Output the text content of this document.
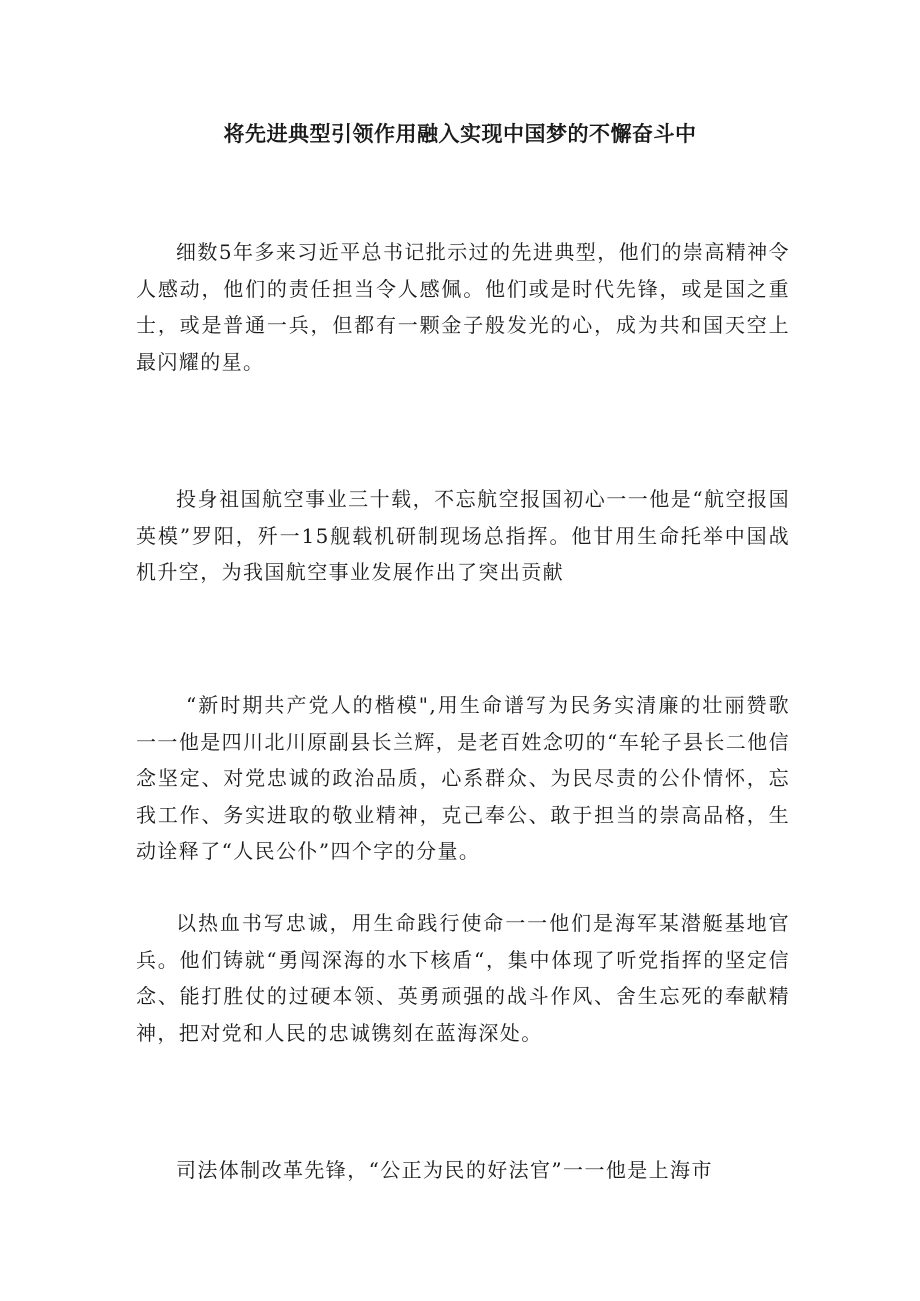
将先进典型引领作用融入实现中国梦的不懈奋斗中

细数5年多来习近平总书记批示过的先进典型，他们的崇高精神令人感动，他们的责任担当令人感佩。他们或是时代先锋，或是国之重士，或是普通一兵，但都有一颗金子般发光的心，成为共和国天空上最闪耀的星。

投身祖国航空事业三十载，不忘航空报国初心一一他是“航空报国英模”罗阳，歼一15舰载机研制现场总指挥。他甘用生命托举中国战机升空，为我国航空事业发展作出了突出贡献

“新时期共产党人的楷模",用生命谱写为民务实清廉的壮丽赞歌一一他是四川北川原副县长兰辉，是老百姓念叨的“车轮子县长二他信念坚定、对党忠诚的政治品质，心系群众、为民尽责的公仆情怀，忘我工作、务实进取的敬业精神，克己奉公、敢于担当的崇高品格，生动诠释了“人民公仆”四个字的分量。

以热血书写忠诚，用生命践行使命一一他们是海军某潜艇基地官兵。他们铸就“勇闯深海的水下核盾“，集中体现了听党指挥的坚定信念、能打胜仗的过硬本领、英勇顽强的战斗作风、舍生忘死的奉献精神，把对党和人民的忠诚镌刻在蓝海深处。

司法体制改革先锋，“公正为民的好法官”一一他是上海市
